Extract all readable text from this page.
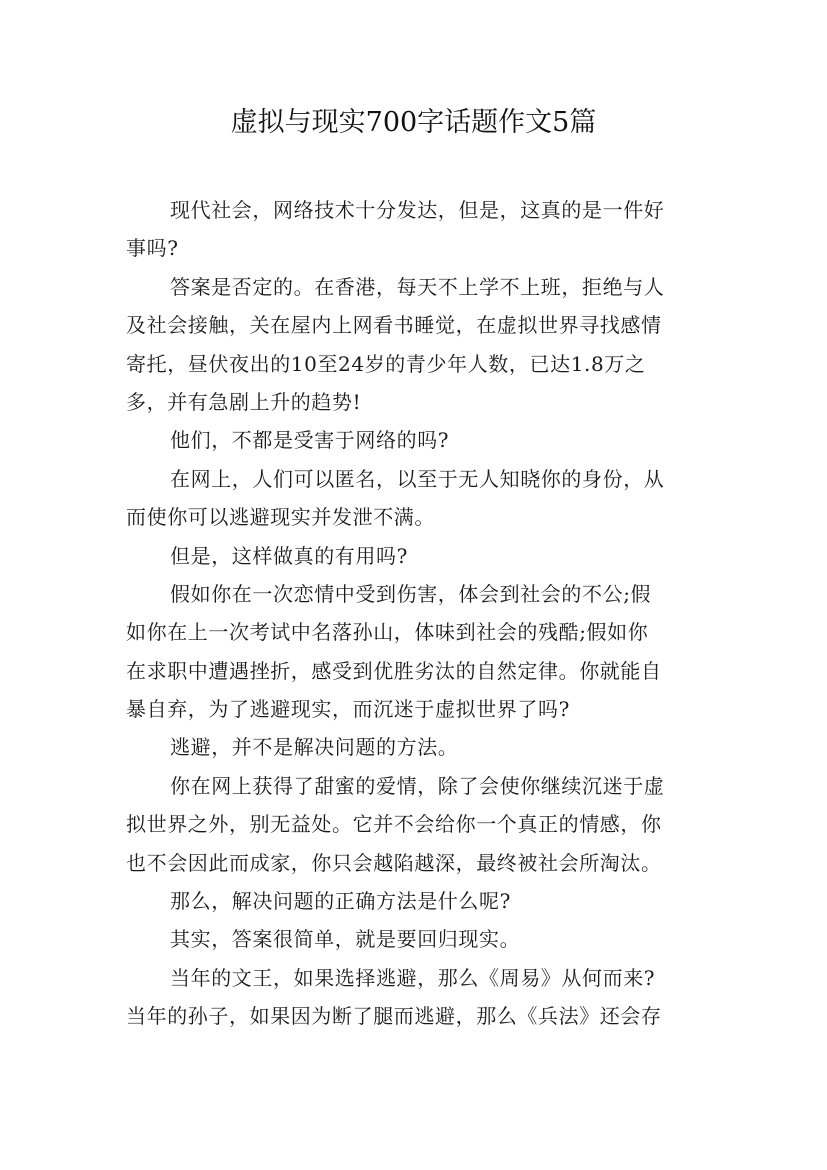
虚拟与现实700字话题作文5篇
现代社会，网络技术十分发达，但是，这真的是一件好
事吗?
答案是否定的。在香港，每天不上学不上班，拒绝与人
及社会接触，关在屋内上网看书睡觉，在虚拟世界寻找感情
寄托，昼伏夜出的10至24岁的青少年人数，已达1.8万之
多，并有急剧上升的趋势!
他们，不都是受害于网络的吗?
在网上，人们可以匿名，以至于无人知晓你的身份，从
而使你可以逃避现实并发泄不满。
但是，这样做真的有用吗?
假如你在一次恋情中受到伤害，体会到社会的不公;假
如你在上一次考试中名落孙山，体味到社会的残酷;假如你
在求职中遭遇挫折，感受到优胜劣汰的自然定律。你就能自
暴自弃，为了逃避现实，而沉迷于虚拟世界了吗?
逃避，并不是解决问题的方法。
你在网上获得了甜蜜的爱情，除了会使你继续沉迷于虚
拟世界之外，别无益处。它并不会给你一个真正的情感，你
也不会因此而成家，你只会越陷越深，最终被社会所淘汰。
那么，解决问题的正确方法是什么呢?
其实，答案很简单，就是要回归现实。
当年的文王，如果选择逃避，那么《周易》从何而来?
当年的孙子，如果因为断了腿而逃避，那么《兵法》还会存
